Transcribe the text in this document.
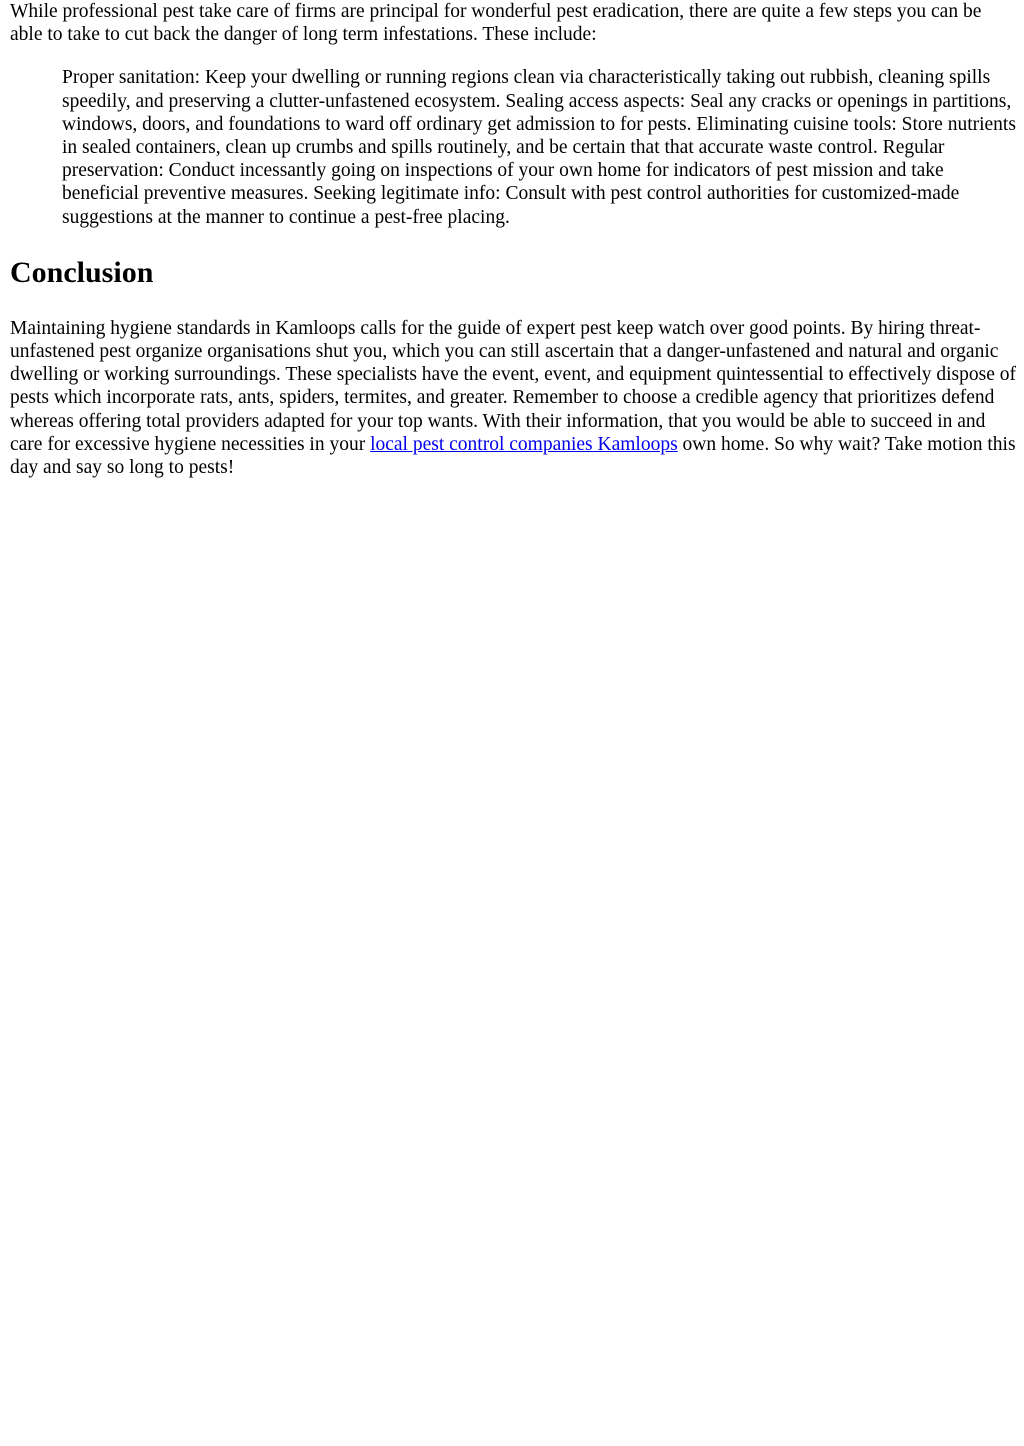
While professional pest take care of firms are principal for wonderful pest eradication, there are quite a few steps you can be able to take to cut back the danger of long term infestations. These include:

Proper sanitation: Keep your dwelling or running regions clean via characteristically taking out rubbish, cleaning spills speedily, and preserving a clutter-unfastened ecosystem. Sealing access aspects: Seal any cracks or openings in partitions, windows, doors, and foundations to ward off ordinary get admission to for pests. Eliminating cuisine tools: Store nutrients in sealed containers, clean up crumbs and spills routinely, and be certain that that accurate waste control. Regular preservation: Conduct incessantly going on inspections of your own home for indicators of pest mission and take beneficial preventive measures. Seeking legitimate info: Consult with pest control authorities for customized-made suggestions at the manner to continue a pest-free placing.
Conclusion

Maintaining hygiene standards in Kamloops calls for the guide of expert pest keep watch over good points. By hiring threat-unfastened pest organize organisations shut you, which you can still ascertain that a danger-unfastened and natural and organic dwelling or working surroundings. These specialists have the event, event, and equipment quintessential to effectively dispose of pests which incorporate rats, ants, spiders, termites, and greater. Remember to choose a credible agency that prioritizes defend whereas offering total providers adapted for your top wants. With their information, that you would be able to succeed in and care for excessive hygiene necessities in your local pest control companies Kamloops own home. So why wait? Take motion this day and say so long to pests!
